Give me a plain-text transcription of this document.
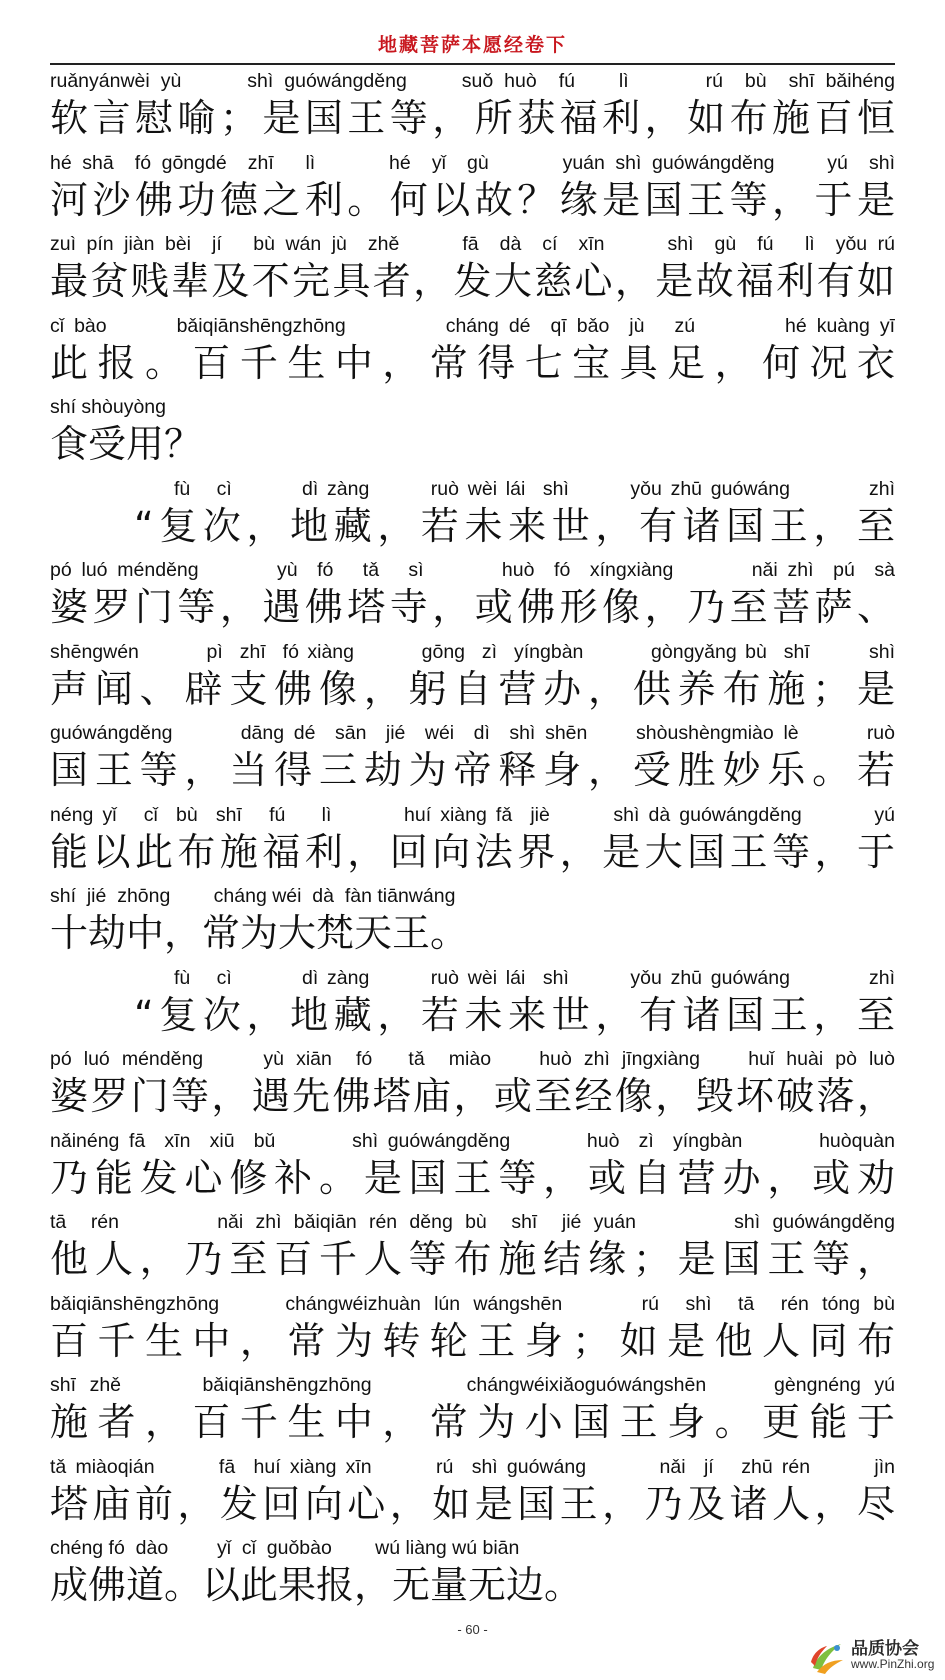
地藏菩萨本愿经卷下
ruǎnyánwèi yù      shì guówángděng     suǒ huò  fú    lì       rú  bù  shī bǎihéng
软言慰喻；是国王等，所获福利，如布施百恒
hé shā  fó gōngdé  zhī   lì       hé  yǐ  gù       yuán shì guówángděng     yú  shì
河沙佛功德之利。何以故？缘是国王等，于是
zuì pín jiàn bèi  jí   bù wán jù  zhě      fā  dà  cí  xīn      shì  gù  fú   lì  yǒu rú
最贫贱辈及不完具者，发大慈心，是故福利有如
cǐ bào       bǎiqiānshēngzhōng          cháng dé  qī bǎo  jù   zú         hé kuàng yī
此报。百千生中，常得七宝具足，何况衣
shí shòuyòng
食受用？
fù   cì        dì zàng       ruò wèi lái  shì       yǒu zhū guówáng         zhì
“复次，地藏，若未来世，有诸国王，至
pó luó ménděng        yù  fó   tǎ   sì        huò  fó  xíngxiàng        nǎi zhì  pú  sà
婆罗门等，遇佛塔寺，或佛形像，乃至菩萨、
shēngwén        pì  zhī  fó xiàng        gōng  zì  yíngbàn        gòngyǎng bù  shī       shì
声闻、辟支佛像，躬自营办，供养布施；是
guówángděng       dāng dé  sān  jié  wéi  dì  shì shēn     shòushèngmiào lè       ruò
国王等，当得三劫为帝释身，受胜妙乐。若
néng yǐ   cǐ  bù  shī   fú    lì        huí xiàng fǎ  jiè       shì dà guówángděng        yú
能以此布施福利，回向法界，是大国王等，于
shí  jié  zhōng        cháng wéi  dà  fàn tiānwáng
十劫中，常为大梵天王。
fù   cì        dì zàng       ruò wèi lái  shì       yǒu zhū guówáng         zhì
“复次，地藏，若未来世，有诸国王，至
pó luó ménděng     yù xiān  fó   tǎ  miào    huò zhì jīngxiàng    huǐ huài pò luò
婆罗门等，遇先佛塔庙，或至经像，毁坏破落，
nǎinéng fā  xīn  xiū  bǔ        shì guówángděng        huò  zì  yíngbàn        huòquàn
乃能发心修补。是国王等，或自营办，或劝
tā  rén        nǎi zhì bǎiqiān rén děng bù  shī  jié yuán        shì guówángděng
他人，乃至百千人等布施结缘；是国王等，
bǎiqiānshēngzhōng     chángwéizhuàn lún wángshēn      rú  shì  tā  rén tóng bù
百千生中，常为转轮王身；如是他人同布
shī zhě      bǎiqiānshēngzhōng       chángwéixiǎoguówángshēn     gèngnéng yú
施者，百千生中，常为小国王身。更能于
tǎ miàoqián       fā  huí xiàng xīn       rú  shì guówáng        nǎi  jí   zhū rén       jìn
塔庙前，发回向心，如是国王，乃及诸人，尽
chéng fó  dào         yǐ  cǐ  guǒbào        wú liàng wú biān
成佛道。以此果报，无量无边。
- 60 -
品质协会
www.PinZhi.org
